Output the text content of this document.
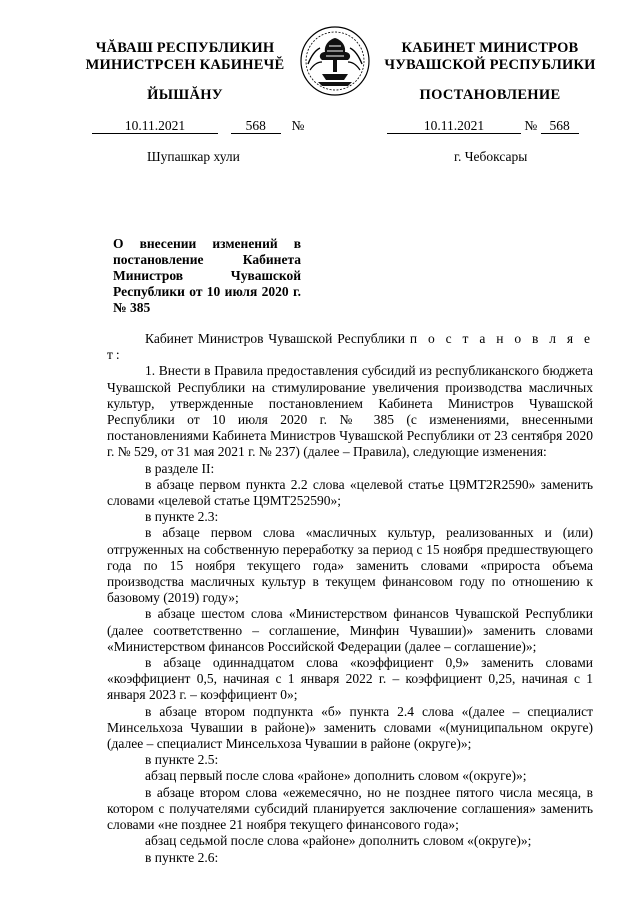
ЧĂВАШ РЕСПУБЛИКИН
МИНИСТРСЕН КАБИНЕЧĔ
КАБИНЕТ МИНИСТРОВ
ЧУВАШСКОЙ РЕСПУБЛИКИ
ЙЫШĂНУ	ПОСТАНОВЛЕНИЕ
10.11.2021	568 №	10.11.2021	№ 568
Шупашкар хули	г. Чебоксары
О внесении изменений в постановление Кабинета Министров Чувашской Республики от 10 июля 2020 г. № 385

Кабинет Министров Чувашской Республики п о с т а н о в л я е т:

1. Внести в Правила предоставления субсидий из республиканского бюджета Чувашской Республики на стимулирование увеличения производства масличных культур, утвержденные постановлением Кабинета Министров Чувашской Республики от 10 июля 2020 г. № 385 (с изменениями, внесенными постановлениями Кабинета Министров Чувашской Республики от 23 сентября 2020 г. № 529, от 31 мая 2021 г. № 237) (далее – Правила), следующие изменения:

в разделе II:

в абзаце первом пункта 2.2 слова «целевой статье Ц9МТ2R2590» заменить словами «целевой статье Ц9МТ252590»;

в пункте 2.3:

в абзаце первом слова «масличных культур, реализованных и (или) отгруженных на собственную переработку за период с 15 ноября предшествующего года по 15 ноября текущего года» заменить словами «прироста объема производства масличных культур в текущем финансовом году по отношению к базовому (2019) году»;

в абзаце шестом слова «Министерством финансов Чувашской Республики (далее соответственно – соглашение, Минфин Чувашии)» заменить словами «Министерством финансов Российской Федерации (далее – соглашение)»;

в абзаце одиннадцатом слова «коэффициент 0,9» заменить словами «коэффициент 0,5, начиная с 1 января 2022 г. – коэффициент 0,25, начиная с 1 января 2023 г. – коэффициент 0»;

в абзаце втором подпункта «б» пункта 2.4 слова «(далее – специалист Минсельхоза Чувашии в районе)» заменить словами «(муниципальном округе) (далее – специалист Минсельхоза Чувашии в районе (округе)»;

в пункте 2.5:

абзац первый после слова «районе» дополнить словом «(округе)»;

в абзаце втором слова «ежемесячно, но не позднее пятого числа месяца, в котором с получателями субсидий планируется заключение соглашения» заменить словами «не позднее 21 ноября текущего финансового года»;

абзац седьмой после слова «районе» дополнить словом «(округе)»;

в пункте 2.6:
